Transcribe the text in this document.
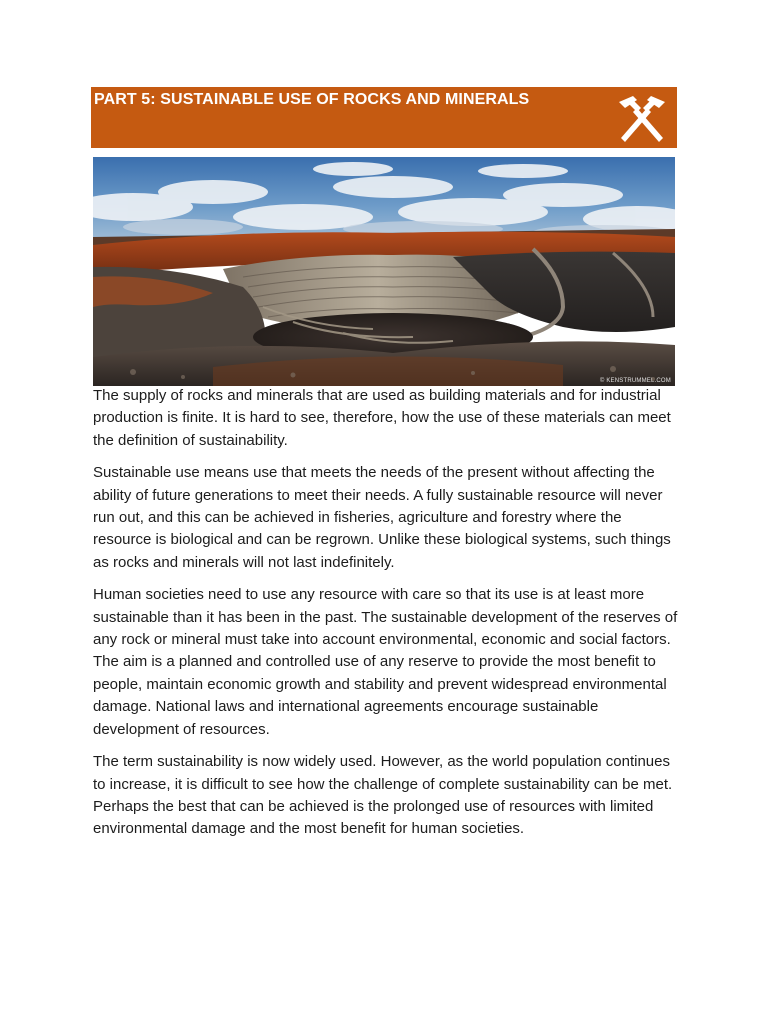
PART 5: SUSTAINABLE USE OF ROCKS AND MINERALS
© KENSTRUMMEL.COM

The supply of rocks and minerals that are used as building materials and for industrial production is finite. It is hard to see, therefore, how the use of these materials can meet the definition of sustainability.

Sustainable use means use that meets the needs of the present without affecting the ability of future generations to meet their needs. A fully sustainable resource will never run out, and this can be achieved in fisheries, agriculture and forestry where the resource is biological and can be regrown. Unlike these biological systems, such things as rocks and minerals will not last indefinitely.

Human societies need to use any resource with care so that its use is at least more sustainable than it has been in the past. The sustainable development of the reserves of any rock or mineral must take into account environmental, economic and social factors. The aim is a planned and controlled use of any reserve to provide the most benefit to people, maintain economic growth and stability and prevent widespread environmental damage. National laws and international agreements encourage sustainable development of resources.

The term sustainability is now widely used. However, as the world population continues to increase, it is difficult to see how the challenge of complete sustainability can be met. Perhaps the best that can be achieved is the prolonged use of resources with limited environmental damage and the most benefit for human societies.
